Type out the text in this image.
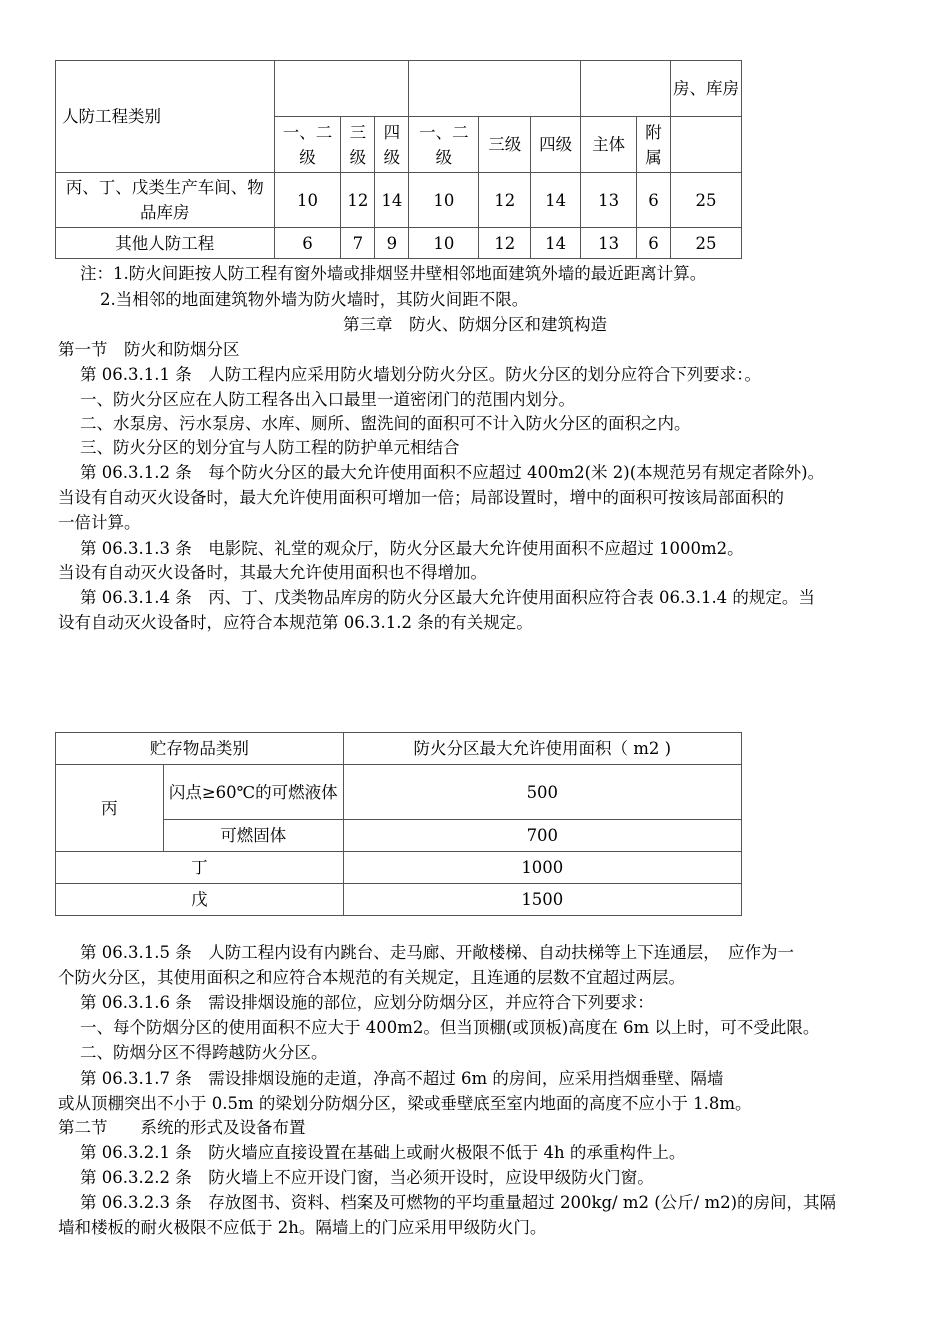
人防工程类别									房、库房
	一、二级	三级	四级	一、二级	三级	四级	主体	附属	
丙、丁、戊类生产车间、物品库房	10	12	14	10	12	14	13	6	25
其他人防工程	6	7	9	10	12	14	13	6	25
注：1.防火间距按人防工程有窗外墙或排烟竖井壁相邻地面建筑外墙的最近距离计算。
2.当相邻的地面建筑物外墙为防火墙时，其防火间距不限。
第三章　防火、防烟分区和建筑构造
第一节　防火和防烟分区
第 06.3.1.1 条　人防工程内应采用防火墙划分防火分区。防火分区的划分应符合下列要求：。
一、防火分区应在人防工程各出入口最里一道密闭门的范围内划分。
二、水泵房、污水泵房、水库、厕所、盥洗间的面积可不计入防火分区的面积之内。
三、防火分区的划分宜与人防工程的防护单元相结合
第 06.3.1.2 条　每个防火分区的最大允许使用面积不应超过 400m2(米 2)(本规范另有规定者除外)。
当设有自动灭火设备时，最大允许使用面积可增加一倍；局部设置时，增中的面积可按该局部面积的
一倍计算。
第 06.3.1.3 条　电影院、礼堂的观众厅，防火分区最大允许使用面积不应超过 1000m2。
当设有自动灭火设备时，其最大允许使用面积也不得增加。
第 06.3.1.4 条　丙、丁、戊类物品库房的防火分区最大允许使用面积应符合表 06.3.1.4 的规定。当
设有自动灭火设备时，应符合本规范第 06.3.1.2 条的有关规定。
贮存物品类别		防火分区最大允许使用面积（ m2 )
丙	闪点≥60℃的可燃液体	500
	可燃固体	700
丁		1000
戊		1500
第 06.3.1.5 条　人防工程内设有内跳台、走马廊、开敞楼梯、自动扶梯等上下连通层，　应作为一
个防火分区，其使用面积之和应符合本规范的有关规定，且连通的层数不宜超过两层。
第 06.3.1.6 条　需设排烟设施的部位，应划分防烟分区，并应符合下列要求：
一、每个防烟分区的使用面积不应大于 400m2。但当顶棚(或顶板)高度在 6m 以上时，可不受此限。
二、防烟分区不得跨越防火分区。
第 06.3.1.7 条　需设排烟设施的走道，净高不超过 6m 的房间，应采用挡烟垂壁、隔墙
或从顶棚突出不小于 0.5m 的梁划分防烟分区，梁或垂壁底至室内地面的高度不应小于 1.8m。
第二节　　系统的形式及设备布置
第 06.3.2.1 条　防火墙应直接设置在基础上或耐火极限不低于 4h 的承重构件上。
第 06.3.2.2 条　防火墙上不应开设门窗，当必须开设时，应设甲级防火门窗。
第 06.3.2.3 条　存放图书、资料、档案及可燃物的平均重量超过 200kg/ m2 (公斤/ m2)的房间，其隔
墙和楼板的耐火极限不应低于 2h。隔墙上的门应采用甲级防火门。
